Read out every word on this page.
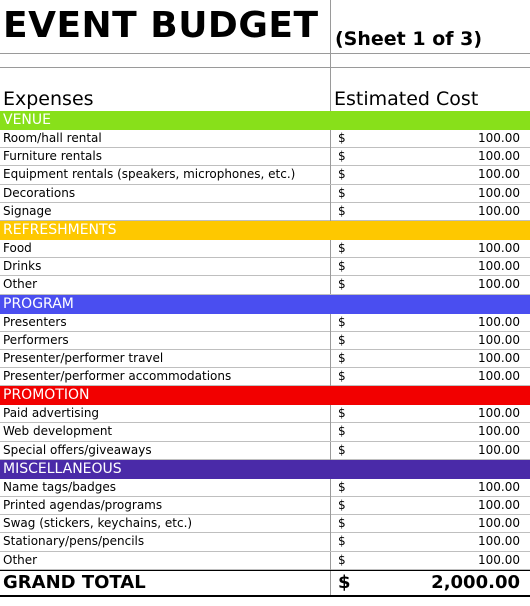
EVENT BUDGET (Sheet 1 of 3)
Expenses	Estimated Cost
VENUE
Room/hall rental	$	100.00
Furniture rentals	$	100.00
Equipment rentals (speakers, microphones, etc.)	$	100.00
Decorations	$	100.00
Signage	$	100.00
REFRESHMENTS
Food	$	100.00
Drinks	$	100.00
Other	$	100.00
PROGRAM
Presenters	$	100.00
Performers	$	100.00
Presenter/performer travel	$	100.00
Presenter/performer accommodations	$	100.00
PROMOTION
Paid advertising	$	100.00
Web development	$	100.00
Special offers/giveaways	$	100.00
MISCELLANEOUS
Name tags/badges	$	100.00
Printed agendas/programs	$	100.00
Swag (stickers, keychains, etc.)	$	100.00
Stationary/pens/pencils	$	100.00
Other	$	100.00
GRAND TOTAL	$	2,000.00
